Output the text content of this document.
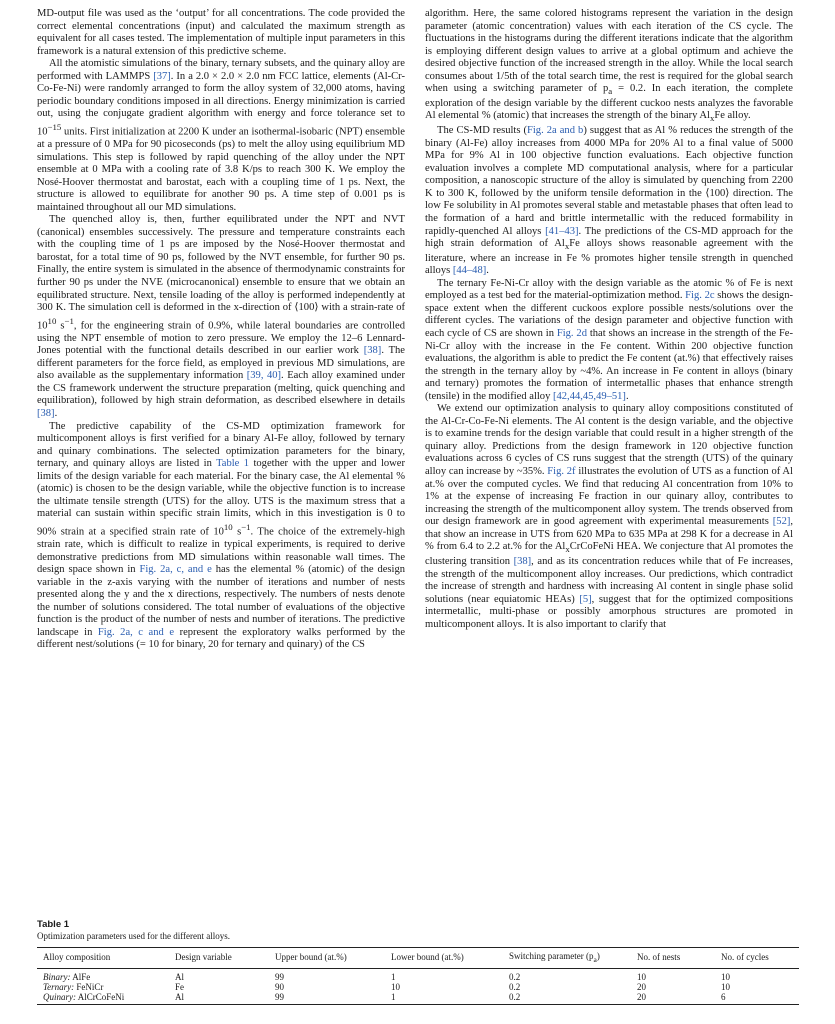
MD-output file was used as the ‘output’ for all concentrations. The code provided the correct elemental concentrations (input) and calculated the maximum strength as equivalent for all cases tested. The implementation of multiple input parameters in this framework is a natural extension of this predictive scheme.

All the atomistic simulations of the binary, ternary subsets, and the quinary alloy are performed with LAMMPS [37]. In a 2.0 × 2.0 × 2.0 nm FCC lattice, elements (Al-Cr-Co-Fe-Ni) were randomly arranged to form the alloy system of 32,000 atoms, having periodic boundary conditions imposed in all directions. Energy minimization is carried out, using the conjugate gradient algorithm with energy and force tolerance set to $10^{-15}$ units. First initialization at 2200 K under an isothermal-isobaric (NPT) ensemble at a pressure of 0 MPa for 90 picoseconds (ps) to melt the alloy using equilibrium MD simulations. This step is followed by rapid quenching of the alloy under the NPT ensemble at 0 MPa with a cooling rate of 3.8 K/ps to reach 300 K. We employ the Nosé-Hoover thermostat and barostat, each with a coupling time of 1 ps. Next, the structure is allowed to equilibrate for another 90 ps. A time step of 0.001 ps is maintained throughout all our MD simulations.

The quenched alloy is, then, further equilibrated under the NPT and NVT (canonical) ensembles successively. The pressure and temperature constraints each with the coupling time of 1 ps are imposed by the Nosé-Hoover thermostat and barostat, for a total time of 90 ps, followed by the NVT ensemble, for further 90 ps. Finally, the entire system is simulated in the absence of thermodynamic constraints for further 90 ps under the NVE (microcanonical) ensemble to ensure that we obtain an equilibrated structure. Next, tensile loading of the alloy is performed independently at 300 K. The simulation cell is deformed in the x-direction of ⟨100⟩ with a strain-rate of $10^{10}$ $s^{-1}$, for the engineering strain of 0.9%, while lateral boundaries are controlled using the NPT ensemble of motion to zero pressure. We employ the 12–6 Lennard-Jones potential with the functional details described in our earlier work [38]. The different parameters for the force field, as employed in previous MD simulations, are also available as the supplementary information [39, 40]. Each alloy examined under the CS framework underwent the structure preparation (melting, quick quenching and equilibration), followed by high strain deformation, as described elsewhere in details [38].

The predictive capability of the CS-MD optimization framework for multicomponent alloys is first verified for a binary Al-Fe alloy, followed by ternary and quinary combinations. The selected optimization parameters for the binary, ternary, and quinary alloys are listed in Table 1 together with the upper and lower limits of the design variable for each material. For the binary case, the Al elemental % (atomic) is chosen to be the design variable, while the objective function is to increase the ultimate tensile strength (UTS) for the alloy. UTS is the maximum stress that a material can sustain within specific strain limits, which in this investigation is 0 to 90% strain at a specified strain rate of $10^{10}$ $s^{-1}$. The choice of the extremely-high strain rate, which is difficult to realize in typical experiments, is required to derive demonstrative predictions from MD simulations within reasonable wall times. The design space shown in Fig. 2a, c, and e has the elemental % (atomic) of the design variable in the z-axis varying with the number of iterations and number of nests presented along the y and the x directions, respectively. The numbers of nests denote the number of solutions considered. The total number of evaluations of the objective function is the product of the number of nests and number of iterations. The predictive landscape in Fig. 2a, c and e represent the exploratory walks performed by the different nest/solutions (= 10 for binary, 20 for ternary and quinary) of the CS

algorithm. Here, the same colored histograms represent the variation in the design parameter (atomic concentration) values with each iteration of the CS cycle. The fluctuations in the histograms during the different iterations indicate that the algorithm is employing different design values to arrive at a global optimum and achieve the desired objective function of the increased strength in the alloy. While the local search consumes about 1/5th of the total search time, the rest is required for the global search when using a switching parameter of $p_a = 0.2$. In each iteration, the complete exploration of the design variable by the different cuckoo nests analyzes the favorable Al elemental % (atomic) that increases the strength of the binary $Al_xFe$ alloy.

The CS-MD results (Fig. 2a and b) suggest that as Al % reduces the strength of the binary (Al-Fe) alloy increases from 4000 MPa for 20% Al to a final value of 5000 MPa for 9% Al in 100 objective function evaluations. Each objective function evaluation involves a complete MD computational analysis, where for a particular composition, a nanoscopic structure of the alloy is simulated by quenching from 2200 K to 300 K, followed by the uniform tensile deformation in the ⟨100⟩ direction. The low Fe solubility in Al promotes several stable and metastable phases that often lead to the formation of a hard and brittle intermetallic with the reduced formability in rapidly-quenched Al alloys [41–43]. The predictions of the CS-MD approach for the high strain deformation of $Al_xFe$ alloys shows reasonable agreement with the literature, where an increase in Fe % promotes higher tensile strength in quenched alloys [44–48].

The ternary Fe-Ni-Cr alloy with the design variable as the atomic % of Fe is next employed as a test bed for the material-optimization method. Fig. 2c shows the design-space extent when the different cuckoos explore possible nests/solutions over the different cycles. The variations of the design parameter and objective function with each cycle of CS are shown in Fig. 2d that shows an increase in the strength of the Fe-Ni-Cr alloy with the increase in the Fe content. Within 200 objective function evaluations, the algorithm is able to predict the Fe content (at.%) that effectively raises the strength in the ternary alloy by ~4%. An increase in Fe content in alloys (binary and ternary) promotes the formation of intermetallic phases that enhance strength (tensile) in the modified alloy [42,44,45,49–51].

We extend our optimization analysis to quinary alloy compositions constituted of the Al-Cr-Co-Fe-Ni elements. The Al content is the design variable, and the objective is to examine trends for the design variable that could result in a higher strength of the quinary alloy. Predictions from the design framework in 120 objective function evaluations across 6 cycles of CS runs suggest that the strength (UTS) of the quinary alloy can increase by ~35%. Fig. 2f illustrates the evolution of UTS as a function of Al at.% over the computed cycles. We find that reducing Al concentration from 10% to 1% at the expense of increasing Fe fraction in our quinary alloy, contributes to increasing the strength of the multicomponent alloy system. The trends observed from our design framework are in good agreement with experimental measurements [52], that show an increase in UTS from 620 MPa to 635 MPa at 298 K for a decrease in Al % from 6.4 to 2.2 at.% for the $Al_xCrCoFeNi$ HEA. We conjecture that Al promotes the clustering transition [38], and as its concentration reduces while that of Fe increases, the strength of the multicomponent alloy increases. Our predictions, which contradict the increase of strength and hardness with increasing Al content in single phase solid solutions (near equiatomic HEAs) [5], suggest that for the optimized compositions intermetallic, multi-phase or possibly amorphous structures are promoted in multicomponent alloys. It is also important to clarify that

Table 1
Optimization parameters used for the different alloys.
Alloy composition	Design variable	Upper bound (at.%)	Lower bound (at.%)	Switching parameter $(p_a)$	No. of nests	No. of cycles
Binary: AlFe	Al	99	1	0.2	10	10
Ternary: FeNiCr	Fe	90	10	0.2	20	10
Quinary: AlCrCoFeNi	Al	99	1	0.2	20	6
